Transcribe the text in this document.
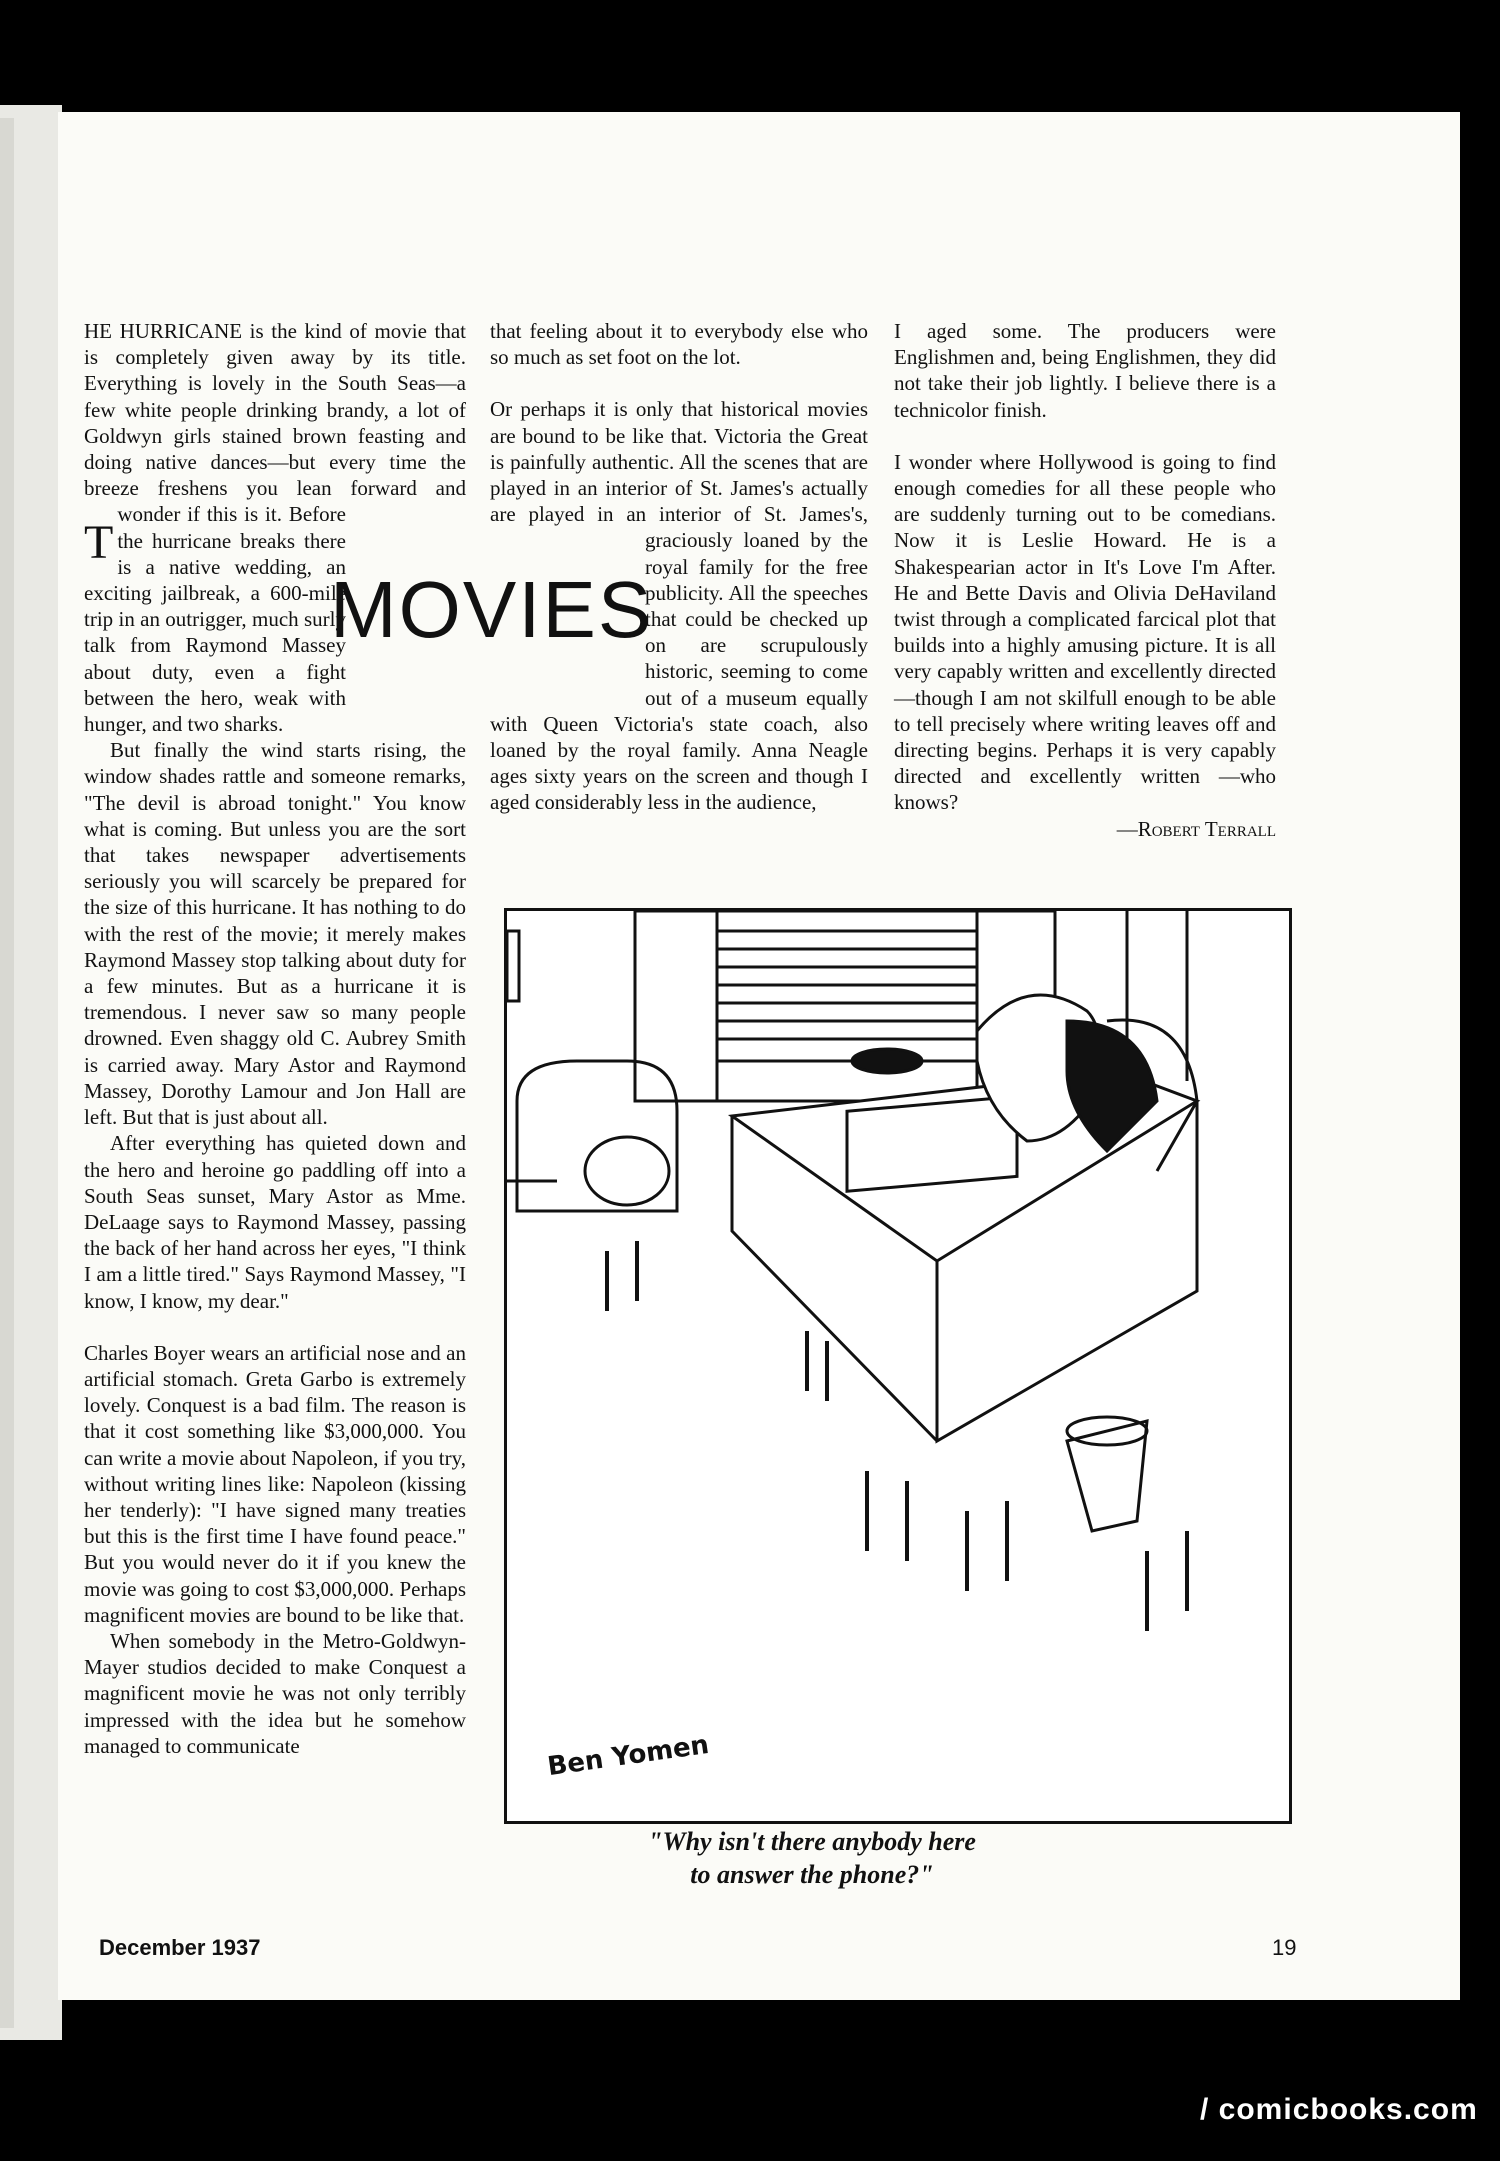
T
HE HURRICANE is the kind of movie that is completely given away by its title. Everything is lovely in the South Seas—a few white people drinking brandy, a lot of Goldwyn girls stained brown feasting and doing native dances—but every time the breeze freshens you lean forward and wonder if this is it. Before the hurricane breaks there is a native wedding, an exciting jailbreak, a 600-mile trip in an outrigger, much surly talk from Raymond Massey about duty, even a fight between the hero, weak with hunger, and two sharks.

But finally the wind starts rising, the window shades rattle and someone remarks, "The devil is abroad tonight." You know what is coming. But unless you are the sort that takes newspaper advertisements seriously you will scarcely be prepared for the size of this hurricane. It has nothing to do with the rest of the movie; it merely makes Raymond Massey stop talking about duty for a few minutes. But as a hurricane it is tremendous. I never saw so many people drowned. Even shaggy old C. Aubrey Smith is carried away. Mary Astor and Raymond Massey, Dorothy Lamour and Jon Hall are left. But that is just about all.

After everything has quieted down and the hero and heroine go paddling off into a South Seas sunset, Mary Astor as Mme. DeLaage says to Raymond Massey, passing the back of her hand across her eyes, "I think I am a little tired." Says Raymond Massey, "I know, I know, my dear."

Charles Boyer wears an artificial nose and an artificial stomach. Greta Garbo is extremely lovely. Conquest is a bad film. The reason is that it cost something like $3,000,000. You can write a movie about Napoleon, if you try, without writing lines like: Napoleon (kissing her tenderly): "I have signed many treaties but this is the first time I have found peace." But you would never do it if you knew the movie was going to cost $3,000,000. Perhaps magnificent movies are bound to be like that.

When somebody in the Metro-Goldwyn-Mayer studios decided to make Conquest a magnificent movie he was not only terribly impressed with the idea but he somehow managed to communicate

that feeling about it to everybody else who so much as set foot on the lot.

Or perhaps it is only that historical movies are bound to be like that. Victoria the Great is painfully authentic. All the scenes that are played in an interior of St. James's actually are played in an interior of St. James's, graciously loaned by the royal family for the free publicity. All the speeches that could be checked up on are scrupulously historic, seeming to come out of a museum equally with Queen Victoria's state coach, also loaned by the royal family. Anna Neagle ages sixty years on the screen and though I aged considerably less in the audience,

I aged some. The producers were Englishmen and, being Englishmen, they did not take their job lightly. I believe there is a technicolor finish.

I wonder where Hollywood is going to find enough comedies for all these people who are suddenly turning out to be comedians. Now it is Leslie Howard. He is a Shakespearian actor in It's Love I'm After. He and Bette Davis and Olivia DeHaviland twist through a complicated farcical plot that builds into a highly amusing picture. It is all very capably written and excellently directed—though I am not skilfull enough to be able to tell precisely where writing leaves off and directing begins. Perhaps it is very capably directed and excellently written —who knows?

—Robert Terrall

MOVIES
Ben Yomen
"Why isn't there anybody here
to answer the phone?"
December 1937	19
/ comicbooks.com
